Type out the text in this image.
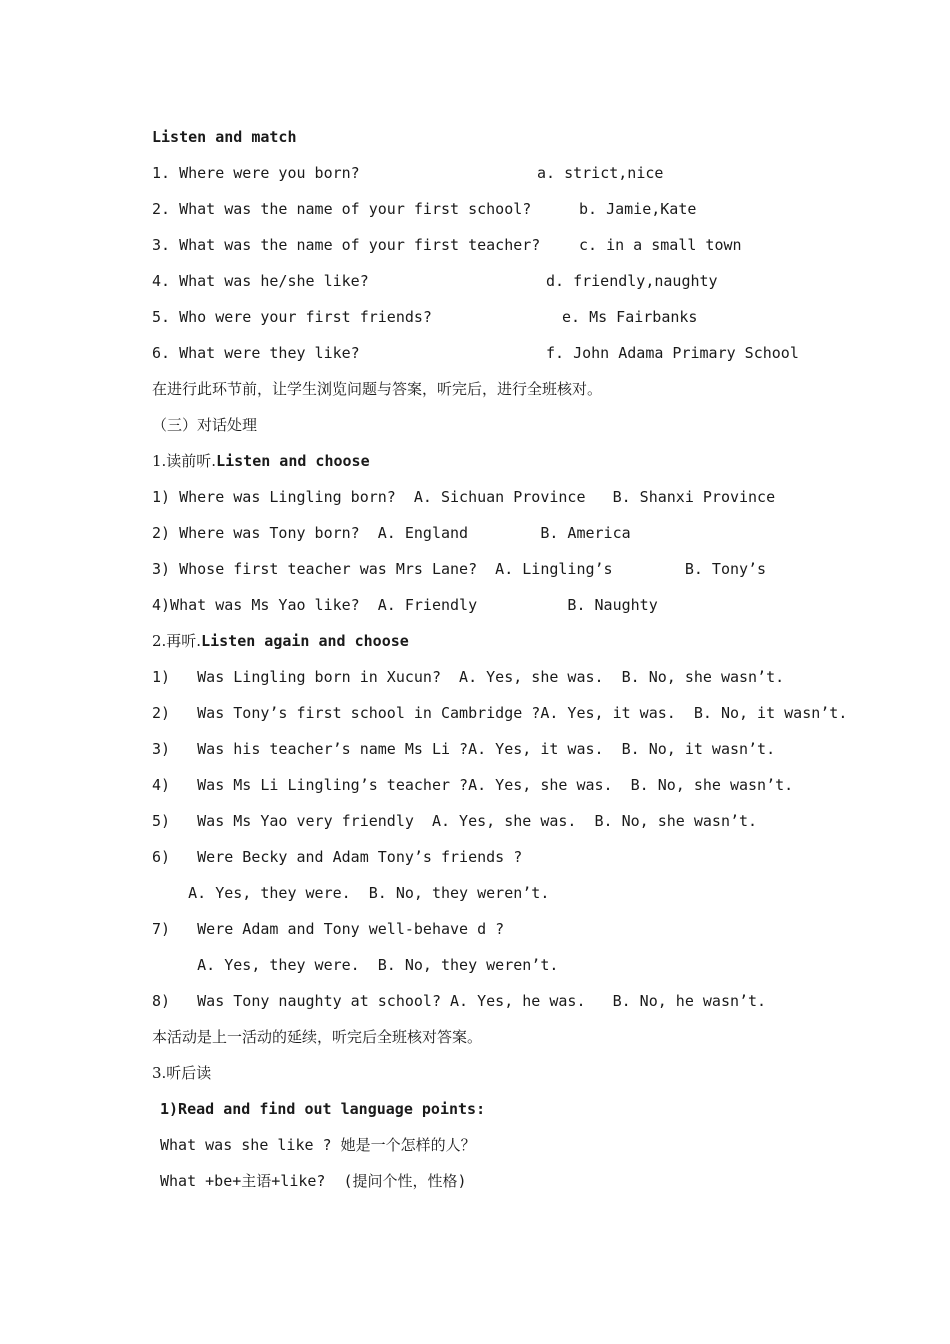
Listen and match
1. Where were you born?	a. strict,nice
2. What was the name of your first school?	b. Jamie,Kate
3. What was the name of your first teacher?	c. in a small town
4. What was he/she like?	d. friendly,naughty
5. Who were your first friends?	e. Ms Fairbanks
6. What were they like?	f. John Adama Primary School
在进行此环节前，让学生浏览问题与答案，听完后，进行全班核对。
（三）对话处理
1.读前听.Listen and choose
1) Where was Lingling born?  A. Sichuan Province   B. Shanxi Province
2) Where was Tony born?  A. England        B. America
3) Whose first teacher was Mrs Lane?  A. Lingling’s        B. Tony’s
4)What was Ms Yao like?  A. Friendly          B. Naughty
2.再听.Listen again and choose
1)   Was Lingling born in Xucun?  A. Yes, she was.  B. No, she wasn’t.
2)   Was Tony’s first school in Cambridge ?A. Yes, it was.  B. No, it wasn’t.
3)   Was his teacher’s name Ms Li ?A. Yes, it was.  B. No, it wasn’t.
4)   Was Ms Li Lingling’s teacher ?A. Yes, she was.  B. No, she wasn’t.
5)   Was Ms Yao very friendly  A. Yes, she was.  B. No, she wasn’t.
6)   Were Becky and Adam Tony’s friends ?
A. Yes, they were.  B. No, they weren’t.
7)   Were Adam and Tony well-behave d ?
A. Yes, they were.  B. No, they weren’t.
8)   Was Tony naughty at school? A. Yes, he was.   B. No, he wasn’t.
本活动是上一活动的延续，听完后全班核对答案。
3.听后读
1)Read and find out language points:
What was she like ? 她是一个怎样的人？
What +be+主语+like?  (提问个性，性格)
